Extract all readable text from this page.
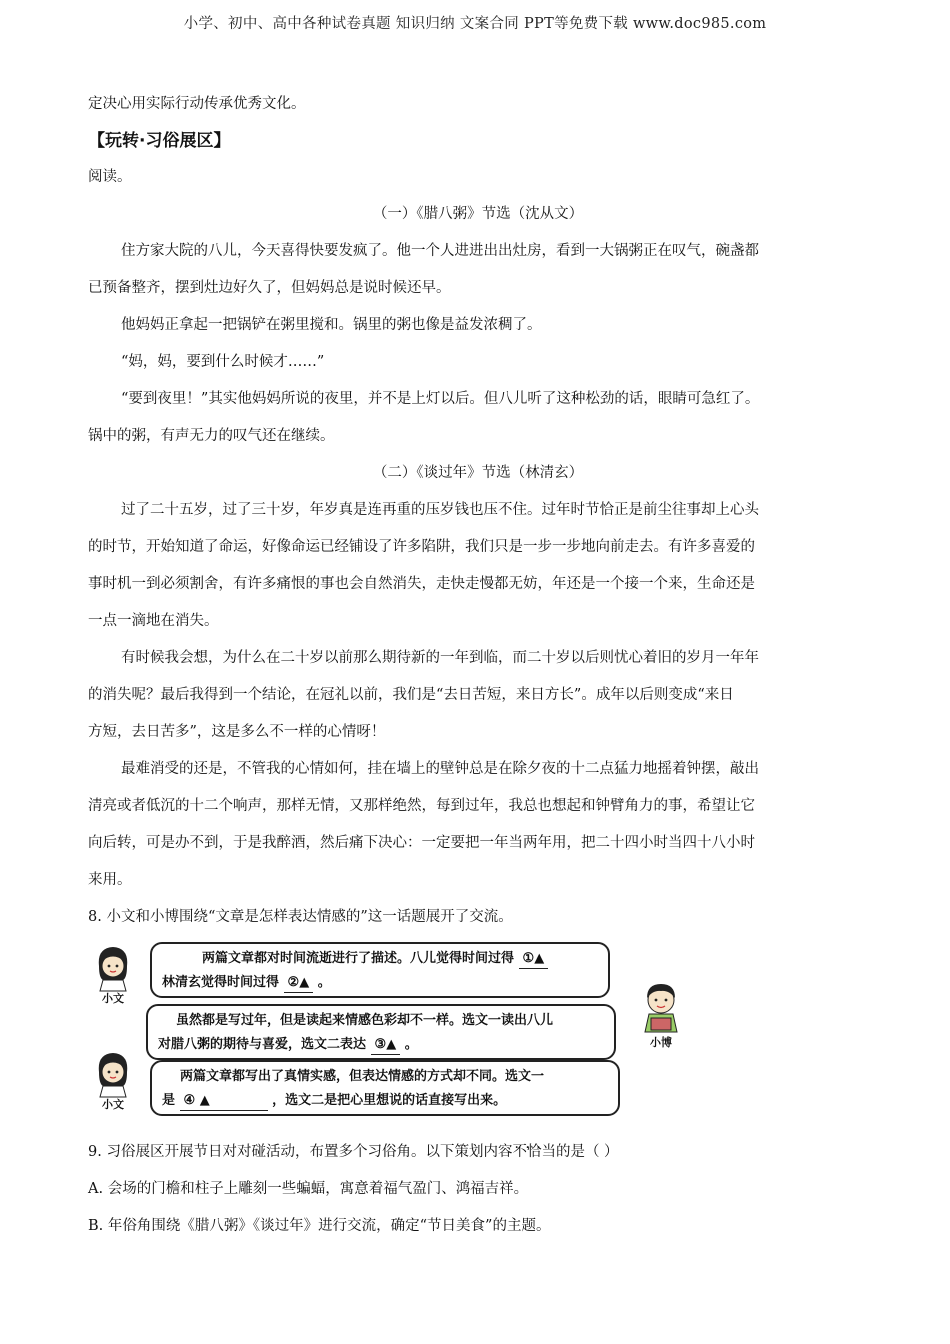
小学、初中、高中各种试卷真题 知识归纳 文案合同 PPT等免费下载 www.doc985.com

定决心用实际行动传承优秀文化。

【玩转·习俗展区】

阅读。

（一）《腊八粥》节选（沈从文）

住方家大院的八儿，今天喜得快要发疯了。他一个人进进出出灶房，看到一大锅粥正在叹气，碗盏都

已预备整齐，摆到灶边好久了，但妈妈总是说时候还早。

他妈妈正拿起一把锅铲在粥里搅和。锅里的粥也像是益发浓稠了。

“妈，妈，要到什么时候才……”

“要到夜里！”其实他妈妈所说的夜里，并不是上灯以后。但八儿听了这种松劲的话，眼睛可急红了。

锅中的粥，有声无力的叹气还在继续。

（二）《谈过年》节选（林清玄）

过了二十五岁，过了三十岁，年岁真是连再重的压岁钱也压不住。过年时节恰正是前尘往事却上心头

的时节，开始知道了命运，好像命运已经铺设了许多陷阱，我们只是一步一步地向前走去。有许多喜爱的

事时机一到必须割舍，有许多痛恨的事也会自然消失，走快走慢都无妨，年还是一个接一个来，生命还是

一点一滴地在消失。

有时候我会想，为什么在二十岁以前那么期待新的一年到临，而二十岁以后则忧心着旧的岁月一年年

的消失呢？最后我得到一个结论，在冠礼以前，我们是“去日苦短，来日方长”。成年以后则变成“来日

方短，去日苦多”，这是多么不一样的心情呀！

最难消受的还是，不管我的心情如何，挂在墙上的壁钟总是在除夕夜的十二点猛力地摇着钟摆，敲出

清亮或者低沉的十二个响声，那样无情，又那样绝然，每到过年，我总也想起和钟臂角力的事，希望让它

向后转，可是办不到，于是我醉酒，然后痛下决心：一定要把一年当两年用，把二十四小时当四十八小时

来用。

8. 小文和小博围绕“文章是怎样表达情感的”这一话题展开了交流。

小文
两篇文章都对时间流逝进行了描述。八儿觉得时间过得 ①▲
林清玄觉得时间过得 ②▲ 。
虽然都是写过年，但是读起来情感色彩却不一样。选文一读出八儿
对腊八粥的期待与喜爱，选文二表达 ③▲ 。	小博
小文
两篇文章都写出了真情实感，但表达情感的方式却不同。选文一
是 ④ ▲	，选文二是把心里想说的话直接写出来。

9. 习俗展区开展节日对对碰活动，布置多个习俗角。以下策划内容不恰当 · · ·的是（ ）

A. 会场的门檐和柱子上雕刻一些蝙蝠，寓意着福气盈门、鸿福吉祥。

B. 年俗角围绕《腊八粥》《谈过年》进行交流，确定“节日美食”的主题。
